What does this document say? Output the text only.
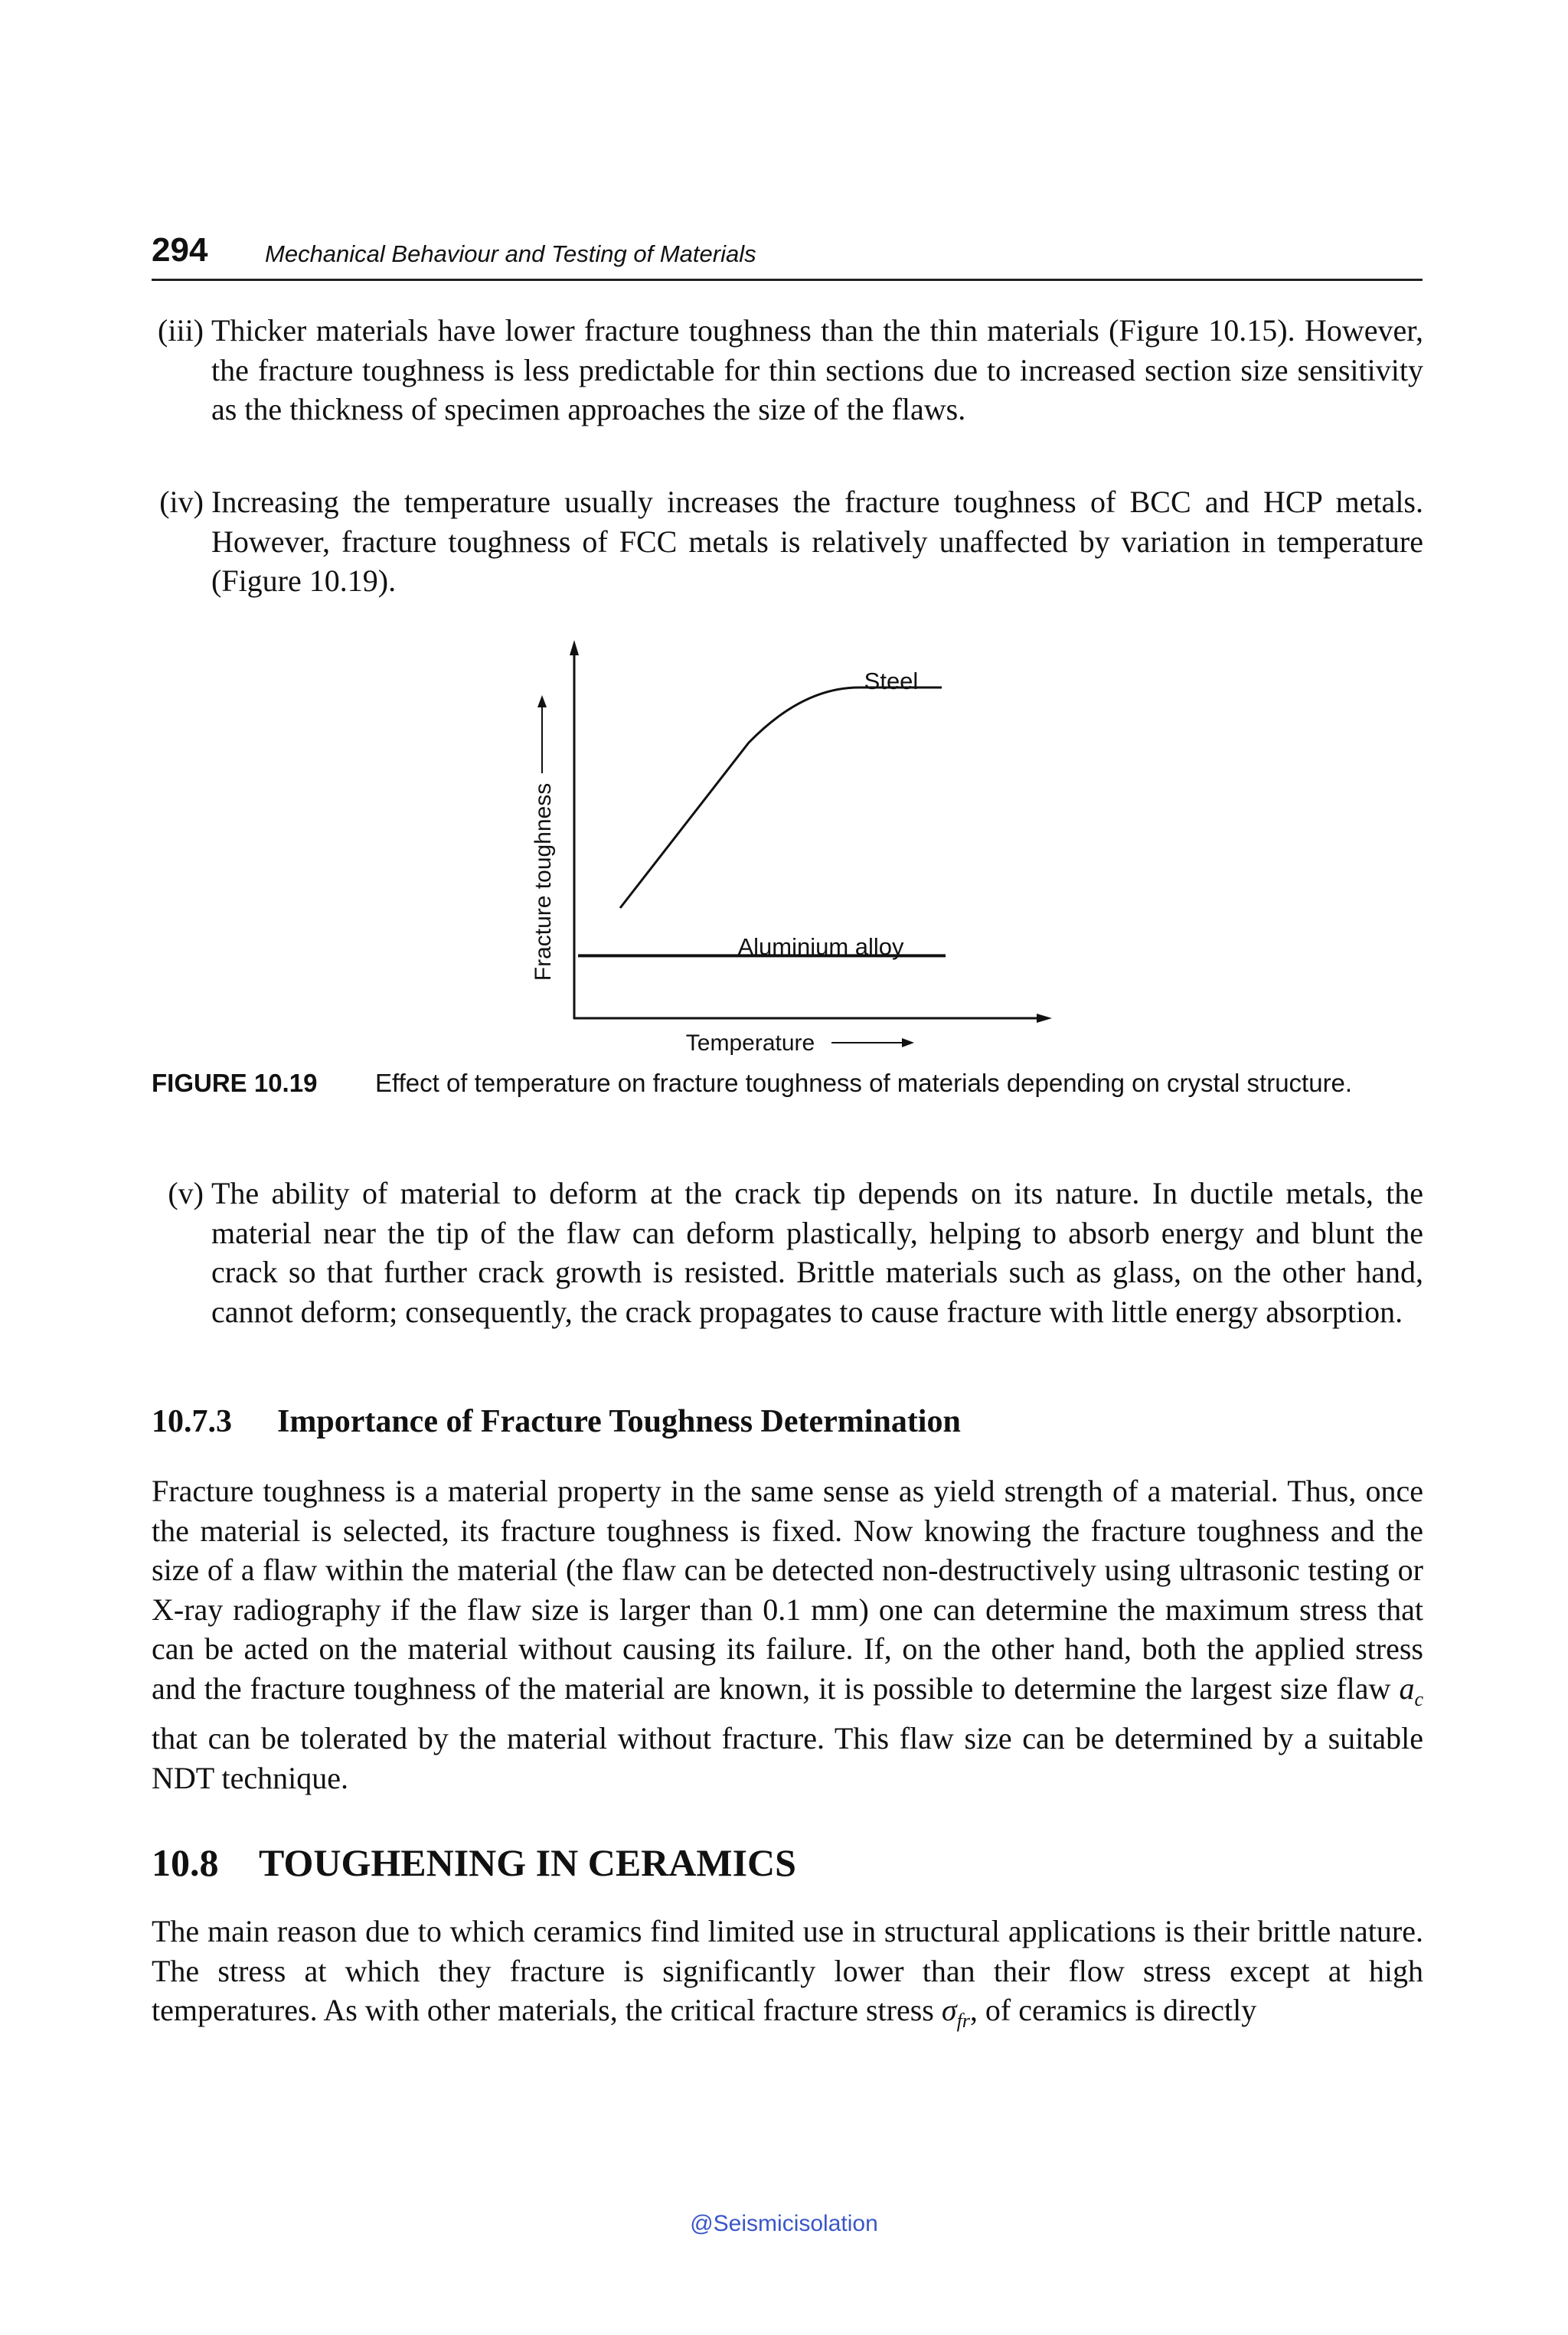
294 Mechanical Behaviour and Testing of Materials
(iii) Thicker materials have lower fracture toughness than the thin materials (Figure 10.15). However, the fracture toughness is less predictable for thin sections due to increased section size sensitivity as the thickness of specimen approaches the size of the flaws.
(iv) Increasing the temperature usually increases the fracture toughness of BCC and HCP metals. However, fracture toughness of FCC metals is relatively unaffected by variation in temperature (Figure 10.19).
Steel
Aluminium alloy
Fracture toughness
Temperature
FIGURE 10.19 Effect of temperature on fracture toughness of materials depending on crystal structure.
(v) The ability of material to deform at the crack tip depends on its nature. In ductile metals, the material near the tip of the flaw can deform plastically, helping to absorb energy and blunt the crack so that further crack growth is resisted. Brittle materials such as glass, on the other hand, cannot deform; consequently, the crack propagates to cause fracture with little energy absorption.
10.7.3 Importance of Fracture Toughness Determination
Fracture toughness is a material property in the same sense as yield strength of a material. Thus, once the material is selected, its fracture toughness is fixed. Now knowing the fracture toughness and the size of a flaw within the material (the flaw can be detected non-destructively using ultrasonic testing or X-ray radiography if the flaw size is larger than 0.1 mm) one can determine the maximum stress that can be acted on the material without causing its failure. If, on the other hand, both the applied stress and the fracture toughness of the material are known, it is possible to determine the largest size flaw $a_c$ that can be tolerated by the material without fracture. This flaw size can be determined by a suitable NDT technique.
10.8 TOUGHENING IN CERAMICS
The main reason due to which ceramics find limited use in structural applications is their brittle nature. The stress at which they fracture is significantly lower than their flow stress except at high temperatures. As with other materials, the critical fracture stress $\sigma_{fr}$, of ceramics is directly
@Seismicisolation
